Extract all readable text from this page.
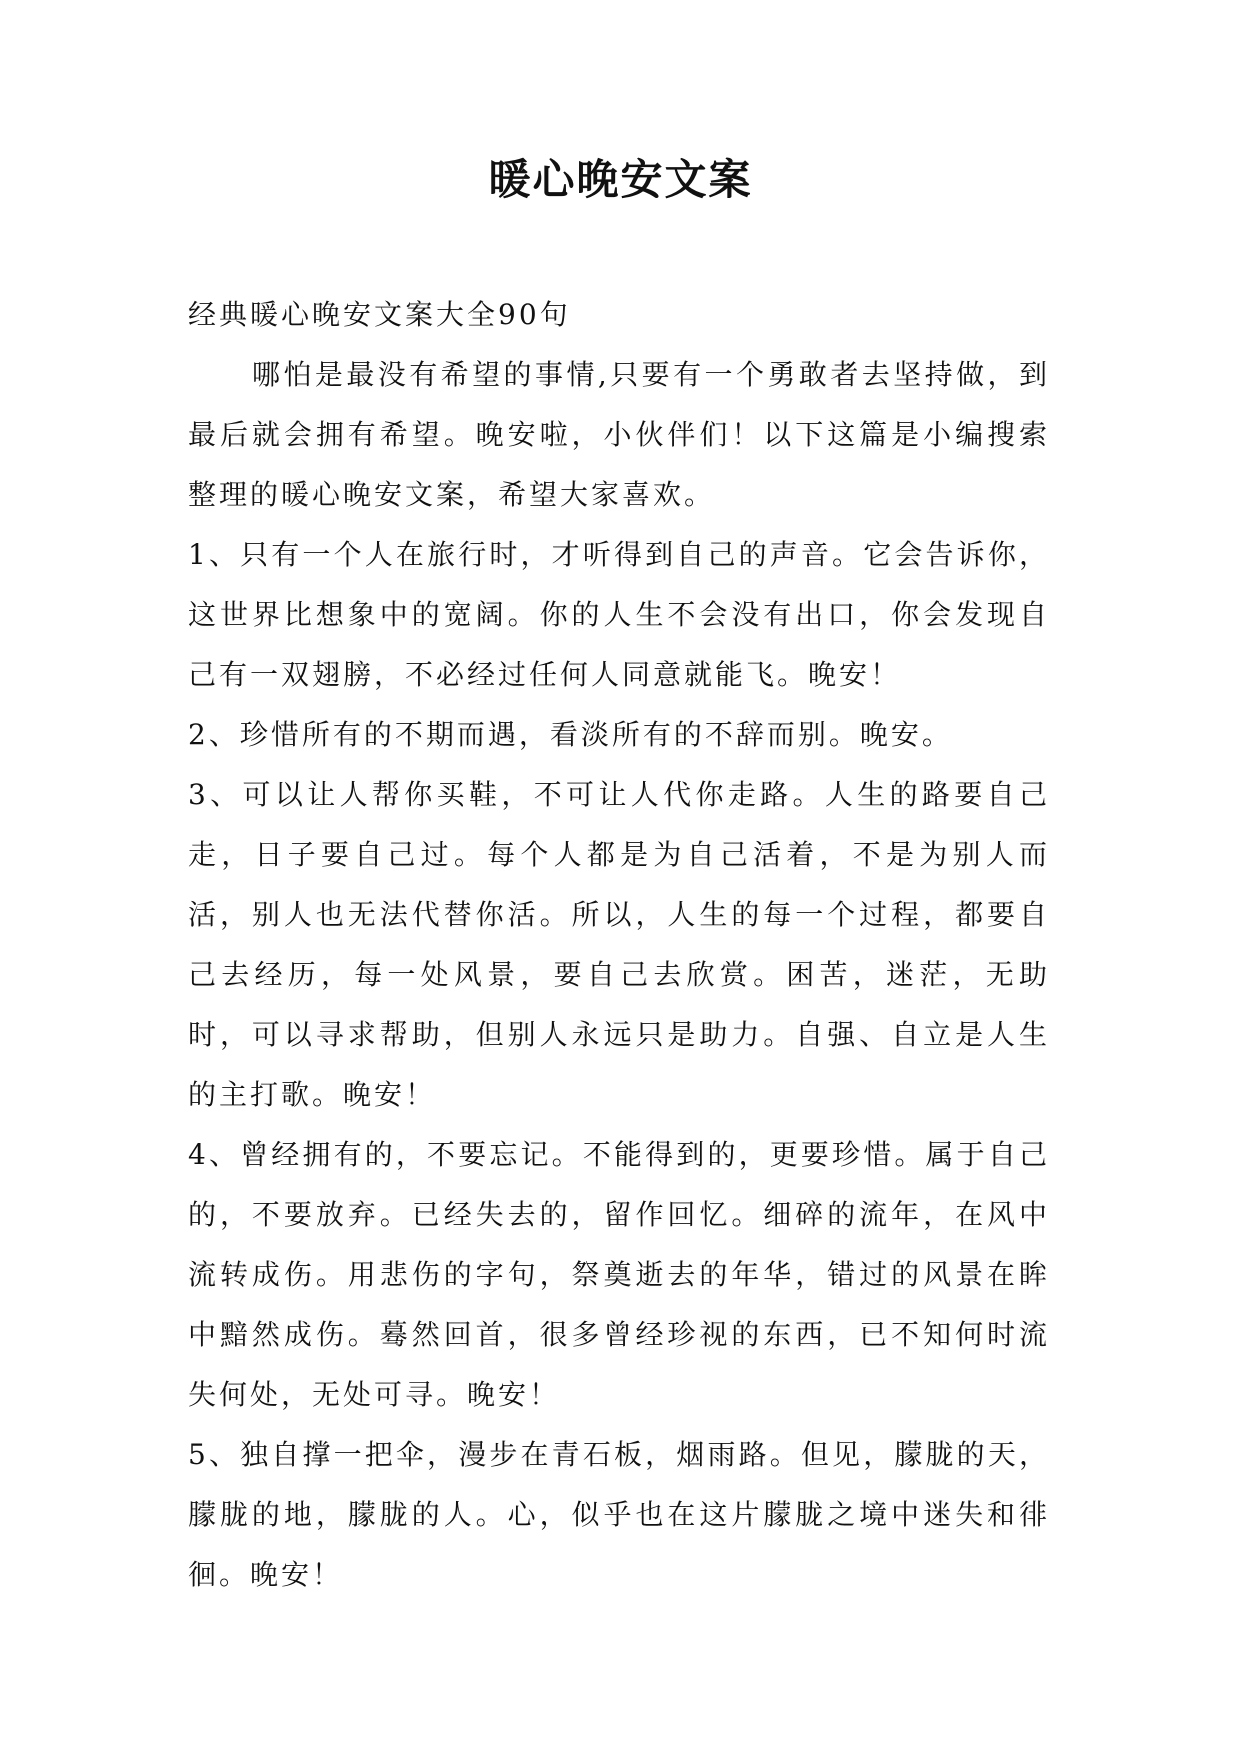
暖心晚安文案

经典暖心晚安文案大全90句

哪怕是最没有希望的事情,只要有一个勇敢者去坚持做，到最后就会拥有希望。晚安啦，小伙伴们！以下这篇是小编搜索整理的暖心晚安文案，希望大家喜欢。

1、只有一个人在旅行时，才听得到自己的声音。它会告诉你，这世界比想象中的宽阔。你的人生不会没有出口，你会发现自己有一双翅膀，不必经过任何人同意就能飞。晚安！

2、珍惜所有的不期而遇，看淡所有的不辞而别。晚安。

3、可以让人帮你买鞋，不可让人代你走路。人生的路要自己走，日子要自己过。每个人都是为自己活着，不是为别人而活，别人也无法代替你活。所以，人生的每一个过程，都要自己去经历，每一处风景，要自己去欣赏。困苦，迷茫，无助时，可以寻求帮助，但别人永远只是助力。自强、自立是人生的主打歌。晚安！

4、曾经拥有的，不要忘记。不能得到的，更要珍惜。属于自己的，不要放弃。已经失去的，留作回忆。细碎的流年，在风中流转成伤。用悲伤的字句，祭奠逝去的年华，错过的风景在眸中黯然成伤。蓦然回首，很多曾经珍视的东西，已不知何时流失何处，无处可寻。晚安！

5、独自撑一把伞，漫步在青石板，烟雨路。但见，朦胧的天，朦胧的地，朦胧的人。心，似乎也在这片朦胧之境中迷失和徘徊。晚安！
